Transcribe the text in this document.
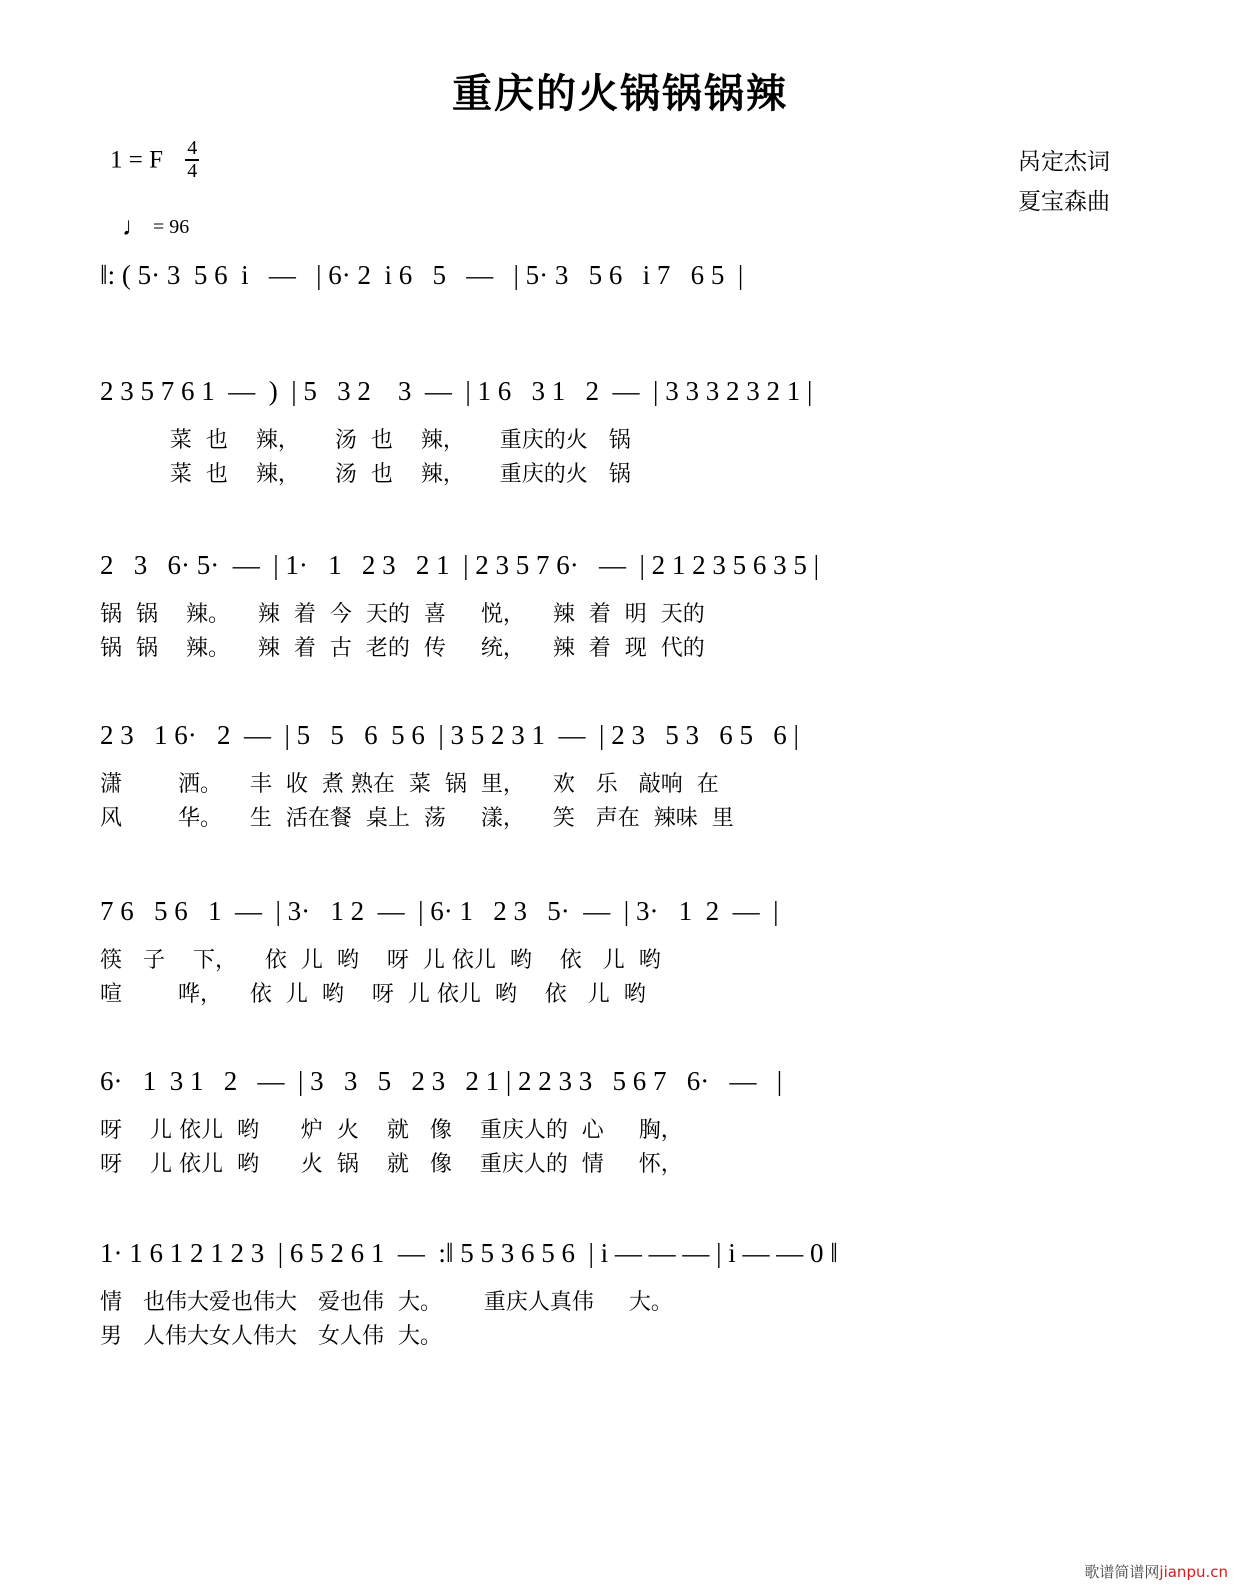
重庆的火锅锅锅辣
1 = F $\frac{4}{4}$	呙定杰词
夏宝森曲
♩ = 96
‖: ( 5· 3  5 6  i   —   | 6· 2  i 6   5   —   | 5· 3   5 6   i 7   6 5  |
2 3 5 7 6 1  —  )  | 5   3 2    3  —  | 1 6   3 1   2  —  | 3 3 3 2 3 2 1 |
菜  也    辣，     汤  也    辣，     重庆的火   锅
菜  也    辣，     汤  也    辣，     重庆的火   锅
2   3   6· 5·  —  | 1·   1   2 3   2 1  | 2 3 5 7 6·   —  | 2 1 2 3 5 6 3 5 |
锅  锅    辣。    辣  着  今  天的  喜     悦，    辣  着  明  天的
锅  锅    辣。    辣  着  古  老的  传     统，    辣  着  现  代的
2 3   1 6·   2  —  | 5   5   6  5 6  | 3 5 2 3 1  —  | 2 3   5 3   6 5   6 |
潇        洒。    丰  收  煮 熟在  菜  锅  里，    欢   乐   敲响  在
风        华。    生  活在餐  桌上  荡     漾，    笑   声在  辣味  里
7 6   5 6   1  —  | 3·   1 2  —  | 6· 1   2 3   5·  —  | 3·   1  2  —  |
筷   子    下，    依  儿  哟    呀  儿 依儿  哟    依   儿  哟
喧        哗，    依  儿  哟    呀  儿 依儿  哟    依   儿  哟
6·   1  3 1   2   —  | 3   3   5   2 3   2 1 | 2 2 3 3   5 6 7   6·   —   |
呀    儿 依儿  哟      炉  火    就   像    重庆人的  心     胸，
呀    儿 依儿  哟      火  锅    就   像    重庆人的  情     怀，
1· 1 6 1 2 1 2 3  | 6 5 2 6 1  —  :‖ 5 5 3 6 5 6  | i — — — | i — — 0 ‖
情   也伟大爱也伟大   爱也伟  大。      重庆人真伟     大。
男   人伟大女人伟大   女人伟  大。
歌谱简谱网jianpu.cn
